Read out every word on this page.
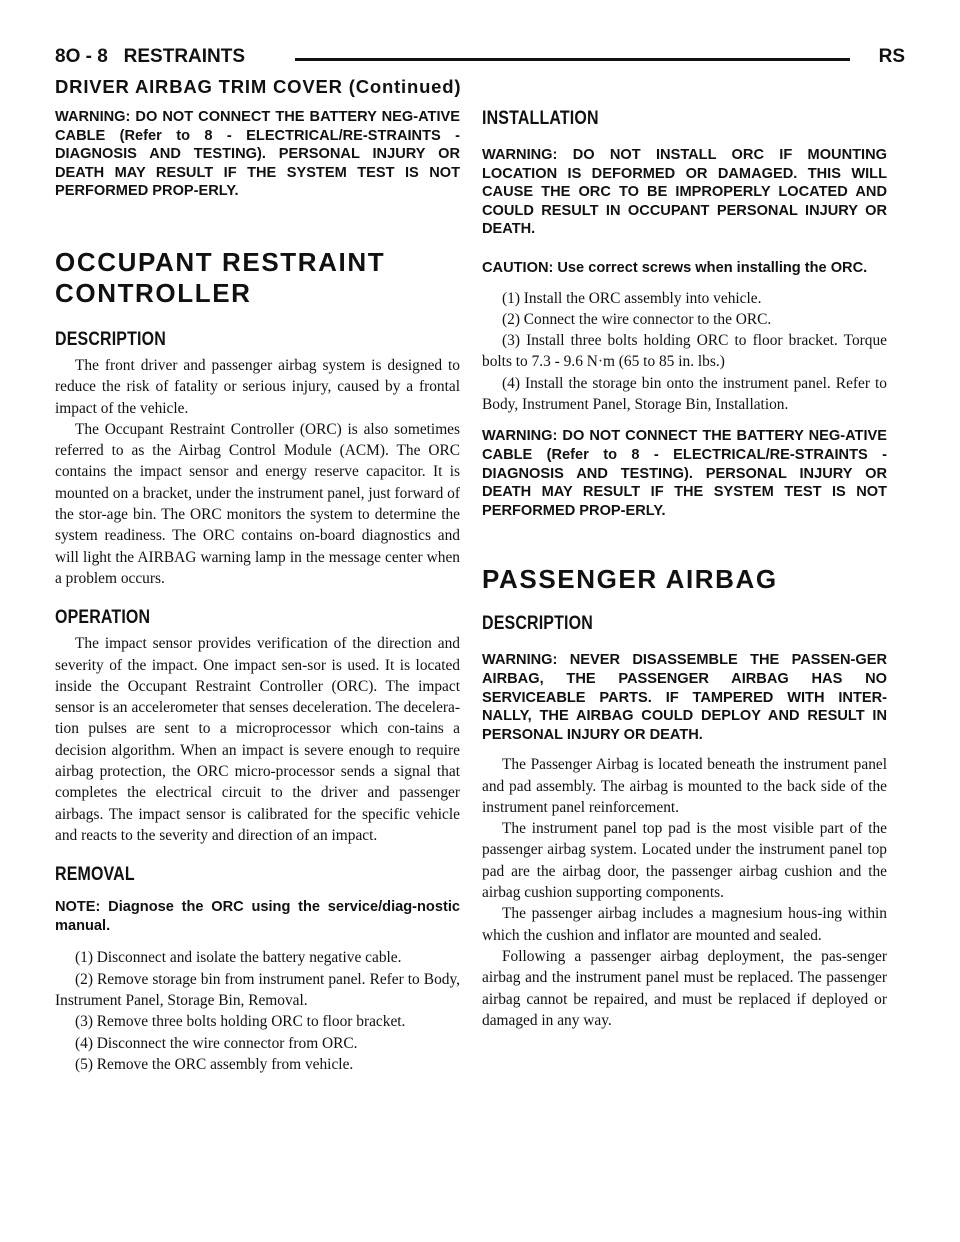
8O - 8 RESTRAINTS	RS
DRIVER AIRBAG TRIM COVER (Continued)

WARNING: DO NOT CONNECT THE BATTERY NEG-ATIVE CABLE (Refer to 8 - ELECTRICAL/RE-STRAINTS - DIAGNOSIS AND TESTING). PERSONAL INJURY OR DEATH MAY RESULT IF THE SYSTEM TEST IS NOT PERFORMED PROP-ERLY.

OCCUPANT RESTRAINT
CONTROLLER
DESCRIPTION

The front driver and passenger airbag system is designed to reduce the risk of fatality or serious injury, caused by a frontal impact of the vehicle.

The Occupant Restraint Controller (ORC) is also sometimes referred to as the Airbag Control Module (ACM). The ORC contains the impact sensor and energy reserve capacitor. It is mounted on a bracket, under the instrument panel, just forward of the stor-age bin. The ORC monitors the system to determine the system readiness. The ORC contains on-board diagnostics and will light the AIRBAG warning lamp in the message center when a problem occurs.

OPERATION

The impact sensor provides verification of the direction and severity of the impact. One impact sen-sor is used. It is located inside the Occupant Restraint Controller (ORC). The impact sensor is an accelerometer that senses deceleration. The decelera-tion pulses are sent to a microprocessor which con-tains a decision algorithm. When an impact is severe enough to require airbag protection, the ORC micro-processor sends a signal that completes the electrical circuit to the driver and passenger airbags. The impact sensor is calibrated for the specific vehicle and reacts to the severity and direction of an impact.

REMOVAL

NOTE: Diagnose the ORC using the service/diag-nostic manual.

(1) Disconnect and isolate the battery negative cable.

(2) Remove storage bin from instrument panel. Refer to Body, Instrument Panel, Storage Bin, Removal.

(3) Remove three bolts holding ORC to floor bracket.

(4) Disconnect the wire connector from ORC.

(5) Remove the ORC assembly from vehicle.

INSTALLATION

WARNING: DO NOT INSTALL ORC IF MOUNTING LOCATION IS DEFORMED OR DAMAGED. THIS WILL CAUSE THE ORC TO BE IMPROPERLY LOCATED AND COULD RESULT IN OCCUPANT PERSONAL INJURY OR DEATH.

CAUTION: Use correct screws when installing the ORC.

(1) Install the ORC assembly into vehicle.

(2) Connect the wire connector to the ORC.

(3) Install three bolts holding ORC to floor bracket. Torque bolts to 7.3 - 9.6 N·m (65 to 85 in. lbs.)

(4) Install the storage bin onto the instrument panel. Refer to Body, Instrument Panel, Storage Bin, Installation.

WARNING: DO NOT CONNECT THE BATTERY NEG-ATIVE CABLE (Refer to 8 - ELECTRICAL/RE-STRAINTS - DIAGNOSIS AND TESTING). PERSONAL INJURY OR DEATH MAY RESULT IF THE SYSTEM TEST IS NOT PERFORMED PROP-ERLY.

PASSENGER AIRBAG
DESCRIPTION

WARNING: NEVER DISASSEMBLE THE PASSEN-GER AIRBAG, THE PASSENGER AIRBAG HAS NO SERVICEABLE PARTS. IF TAMPERED WITH INTER-NALLY, THE AIRBAG COULD DEPLOY AND RESULT IN PERSONAL INJURY OR DEATH.

The Passenger Airbag is located beneath the instrument panel and pad assembly. The airbag is mounted to the back side of the instrument panel reinforcement.

The instrument panel top pad is the most visible part of the passenger airbag system. Located under the instrument panel top pad are the airbag door, the passenger airbag cushion and the airbag cushion supporting components.

The passenger airbag includes a magnesium hous-ing within which the cushion and inflator are mounted and sealed.

Following a passenger airbag deployment, the pas-senger airbag and the instrument panel must be replaced. The passenger airbag cannot be repaired, and must be replaced if deployed or damaged in any way.
